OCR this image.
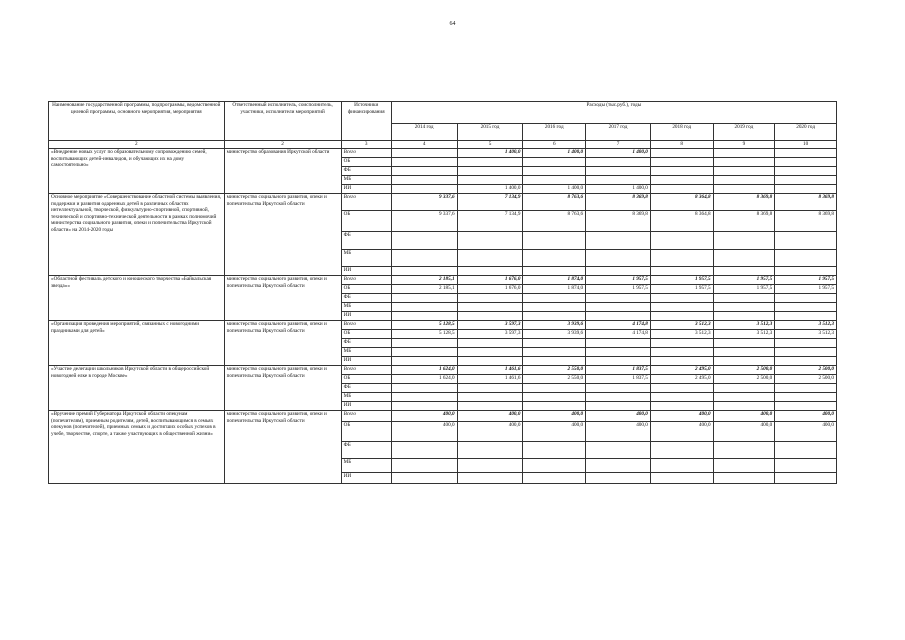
64
Наименование государственной программы, подпрограммы, ведомственной целевой программы, основного мероприятия, мероприятия	Ответственный исполнитель, соисполнитель, участники, исполнители мероприятий	Источники финансирования	Расходы (тыс.руб.), годы						
			2014 год	2015 год	2016 год	2017 год	2018 год	2019 год	2020 год
2	2	3	4	5	6	7	8	9	10
«Внедрение новых услуг по образовательному сопровождению семей, воспитывающих детей-инвалидов, и обучающих их на дому самостоятельно»	министерство образования Иркутской области	Всего		1 400,0	1 400,0	1 400,0			
		ОБ							
		ФБ							
		МБ							
		ИИ		1 400,0	1 400,0	1 400,0			
Основное мероприятие «Совершенствование областной системы выявления, поддержки и развития одаренных детей в различных областях интеллектуальной, творческой, физкультурно-спортивной, спортивной, технической и спортивно-технической деятельности в рамках полномочий министерства социального развития, опеки и попечительства Иркутской области» на 2014-2020 годы	министерство социального развития, опеки и попечительства Иркутской области	Всего	9 337,6	7 134,9	8 763,6	8 369,8	8 364,8	8 369,8	8 369,8
		ОБ	9 337,6	7 134,9	8 763,6	8 369,8	8 364,8	8 369,8	8 369,8
		ФБ							
		МБ							
		ИИ							
«Областной фестиваль детского и юношеского творчества «Байкальская звезда»»	министерство социального развития, опеки и попечительства Иркутской области	Всего	2 185,1	1 676,0	1 874,0	1 957,5	1 957,5	1 957,5	1 957,5
		ОБ	2 185,1	1 676,0	1 874,0	1 957,5	1 957,5	1 957,5	1 957,5
		ФБ							
		МБ							
		ИИ							
«Организация проведения мероприятий, связанных с новогодними праздниками для детей»	министерство социального развития, опеки и попечительства Иркутской области	Всего	5 128,5	3 597,3	3 939,6	4 174,8	3 512,3	3 512,3	3 512,3
		ОБ	5 128,5	3 597,3	3 939,6	4 174,8	3 512,3	3 512,3	3 512,3
		ФБ							
		МБ							
		ИИ							
«Участие делегации школьников Иркутской области в общероссийской новогодней елке в городе Москве»	министерство социального развития, опеки и попечительства Иркутской области	Всего	1 624,0	1 461,6	2 550,0	1 837,5	2 495,0	2 500,0	2 500,0
		ОБ	1 624,0	1 461,6	2 550,0	1 837,5	2 495,0	2 500,0	2 500,0
		ФБ							
		МБ							
		ИИ							
«Вручение премий Губернатора Иркутской области опекунам (попечителям), приемным родителям, детей, воспитывающимся в семьях опекунов (попечителей), приемных семьях и достигших особых успехов в учебе, творчестве, спорте, а также участвующих в общественной жизни»	министерство социального развития, опеки и попечительства Иркутской области	Всего	400,0	400,0	400,0	400,0	400,0	400,0	400,0
		ОБ	400,0	400,0	400,0	400,0	400,0	400,0	400,0
		ФБ							
		МБ							
		ИИ							
